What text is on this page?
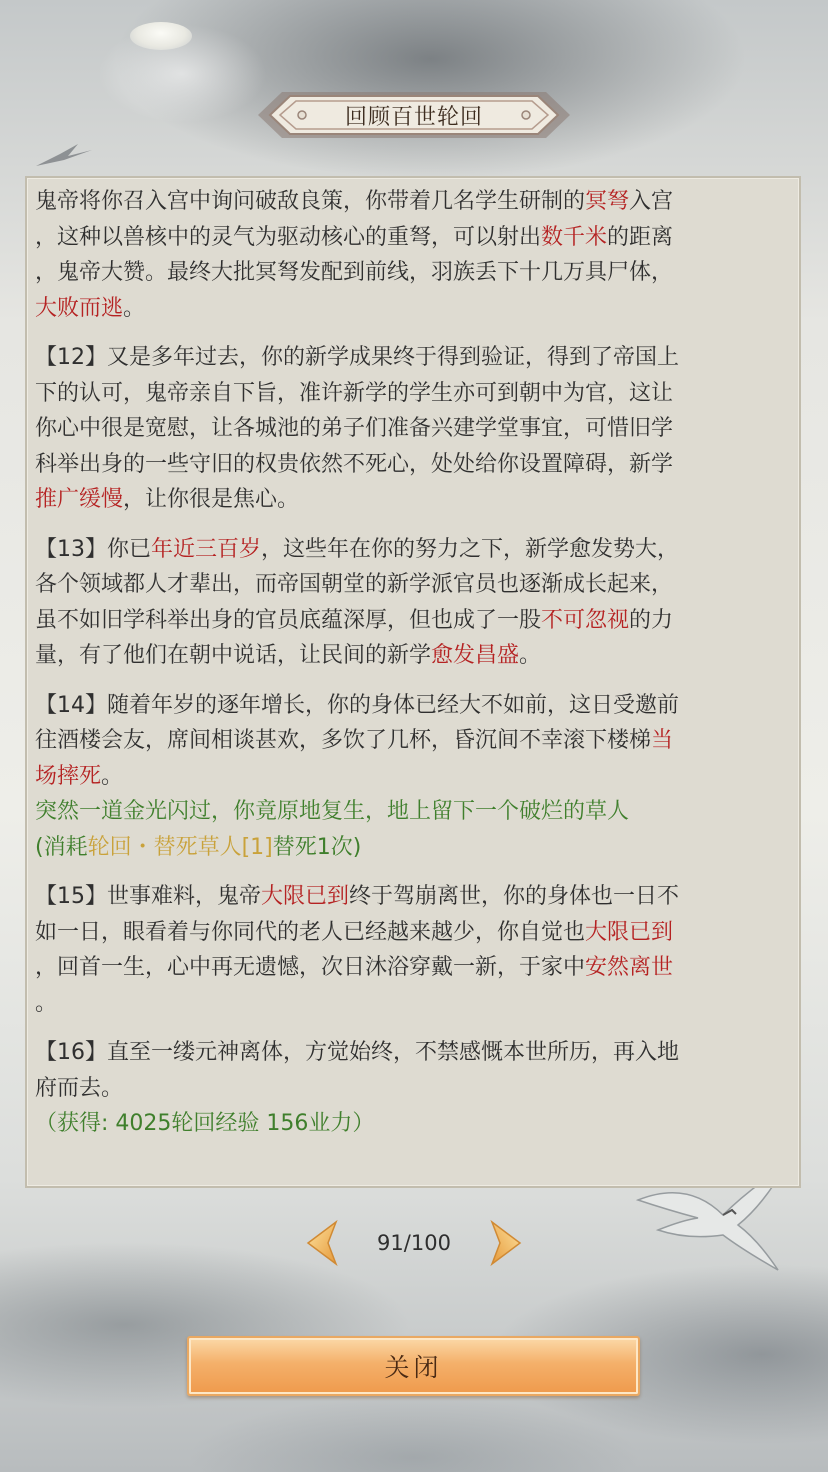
回顾百世轮回
鬼帝将你召入宫中询问破敌良策，你带着几名学生研制的冥弩入宫
，这种以兽核中的灵气为驱动核心的重弩，可以射出数千米的距离
，鬼帝大赞。最终大批冥弩发配到前线，羽族丢下十几万具尸体，
大败而逃。
【12】又是多年过去，你的新学成果终于得到验证，得到了帝国上
下的认可，鬼帝亲自下旨，准许新学的学生亦可到朝中为官，这让
你心中很是宽慰，让各城池的弟子们准备兴建学堂事宜，可惜旧学
科举出身的一些守旧的权贵依然不死心，处处给你设置障碍，新学
推广缓慢，让你很是焦心。
【13】你已年近三百岁，这些年在你的努力之下，新学愈发势大，
各个领域都人才辈出，而帝国朝堂的新学派官员也逐渐成长起来，
虽不如旧学科举出身的官员底蕴深厚，但也成了一股不可忽视的力
量，有了他们在朝中说话，让民间的新学愈发昌盛。
【14】随着年岁的逐年增长，你的身体已经大不如前，这日受邀前
往酒楼会友，席间相谈甚欢，多饮了几杯，昏沉间不幸滚下楼梯当
场摔死。
突然一道金光闪过，你竟原地复生，地上留下一个破烂的草人
(消耗轮回・替死草人[1]替死1次)
【15】世事难料，鬼帝大限已到终于驾崩离世，你的身体也一日不
如一日，眼看着与你同代的老人已经越来越少，你自觉也大限已到
，回首一生，心中再无遗憾，次日沐浴穿戴一新，于家中安然离世
。
【16】直至一缕元神离体，方觉始终，不禁感慨本世所历，再入地
府而去。
（获得: 4025轮回经验 156业力）
91/100
关闭
